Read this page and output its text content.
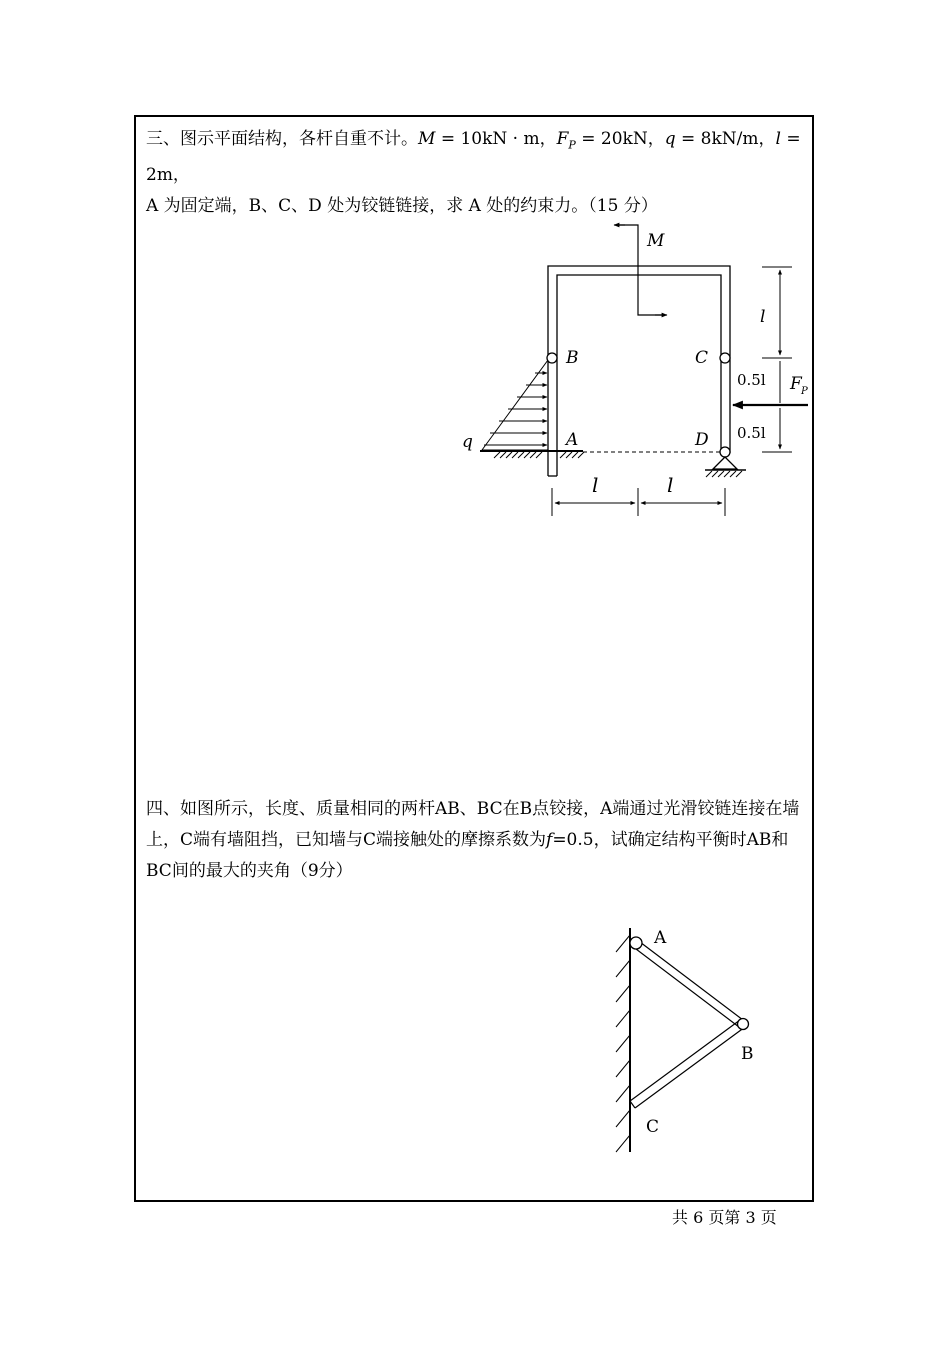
三、图示平面结构，各杆自重不计。M = 10kN · m，$F_P = 20kN$，q = 8kN/m，l = 2m，
A 为固定端，B、C、D 处为铰链链接，求 A 处的约束力。（15 分）

M
B	C
A	D
q
l
0.5l
0.5l
F P
l	l
A
B
C

四、如图所示，长度、质量相同的两杆AB、BC在B点铰接，A端通过光滑铰链连接在墙上，C端有墙阻挡，已知墙与C端接触处的摩擦系数为f=0.5，试确定结构平衡时AB和BC间的最大的夹角（9分）

共 6 页第 3 页
